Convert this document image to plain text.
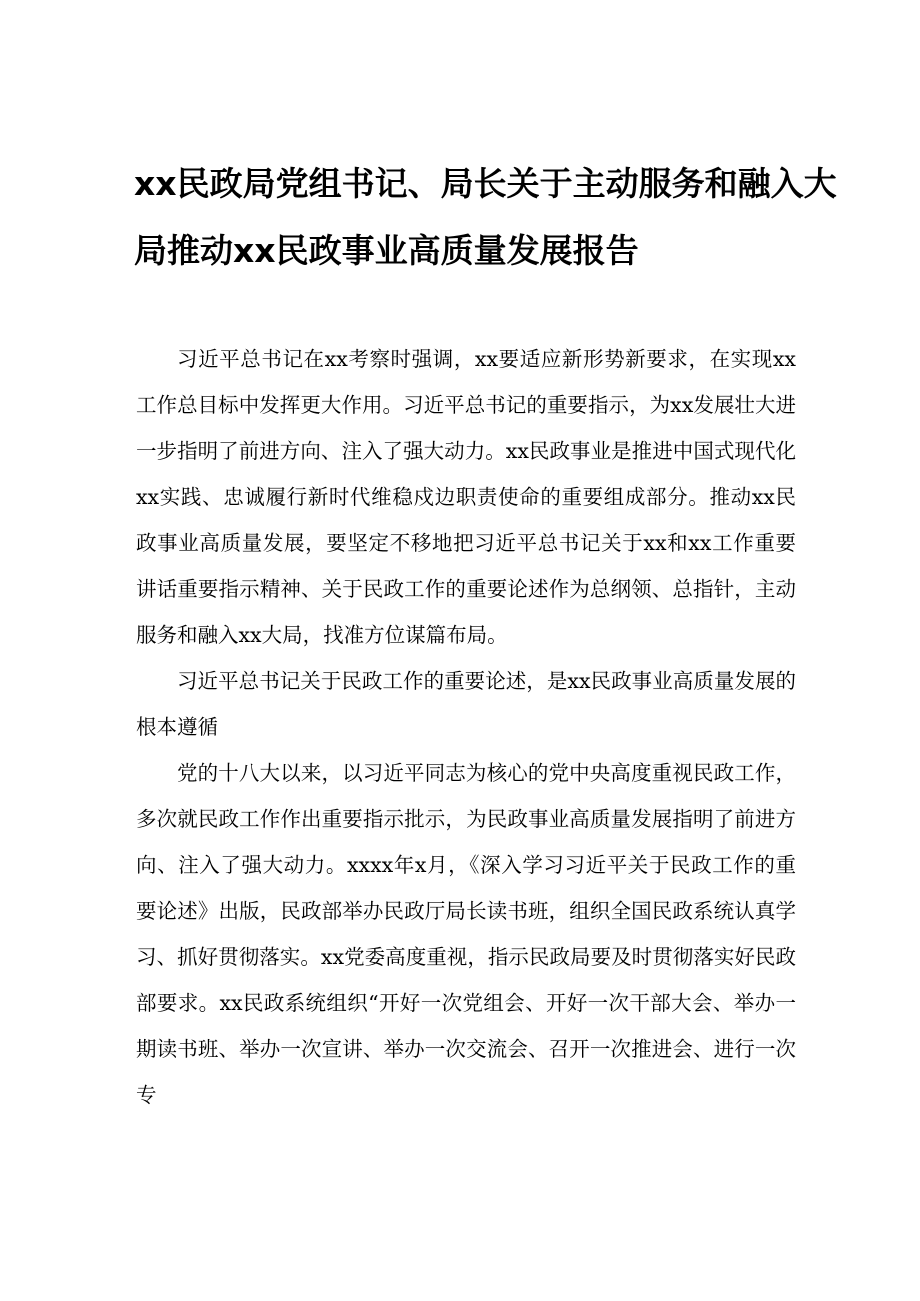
xx民政局党组书记、局长关于主动服务和融入大
局推动xx民政事业高质量发展报告

习近平总书记在xx考察时强调，xx要适应新形势新要求，在实现xx工作总目标中发挥更大作用。习近平总书记的重要指示，为xx发展壮大进一步指明了前进方向、注入了强大动力。xx民政事业是推进中国式现代化xx实践、忠诚履行新时代维稳戍边职责使命的重要组成部分。推动xx民政事业高质量发展，要坚定不移地把习近平总书记关于xx和xx工作重要讲话重要指示精神、关于民政工作的重要论述作为总纲领、总指针，主动服务和融入xx大局，找准方位谋篇布局。

习近平总书记关于民政工作的重要论述，是xx民政事业高质量发展的根本遵循

党的十八大以来，以习近平同志为核心的党中央高度重视民政工作，多次就民政工作作出重要指示批示，为民政事业高质量发展指明了前进方向、注入了强大动力。xxxx年x月，《深入学习习近平关于民政工作的重要论述》出版，民政部举办民政厅局长读书班，组织全国民政系统认真学习、抓好贯彻落实。xx党委高度重视，指示民政局要及时贯彻落实好民政部要求。xx民政系统组织“开好一次党组会、开好一次干部大会、举办一期读书班、举办一次宣讲、举办一次交流会、召开一次推进会、进行一次专
